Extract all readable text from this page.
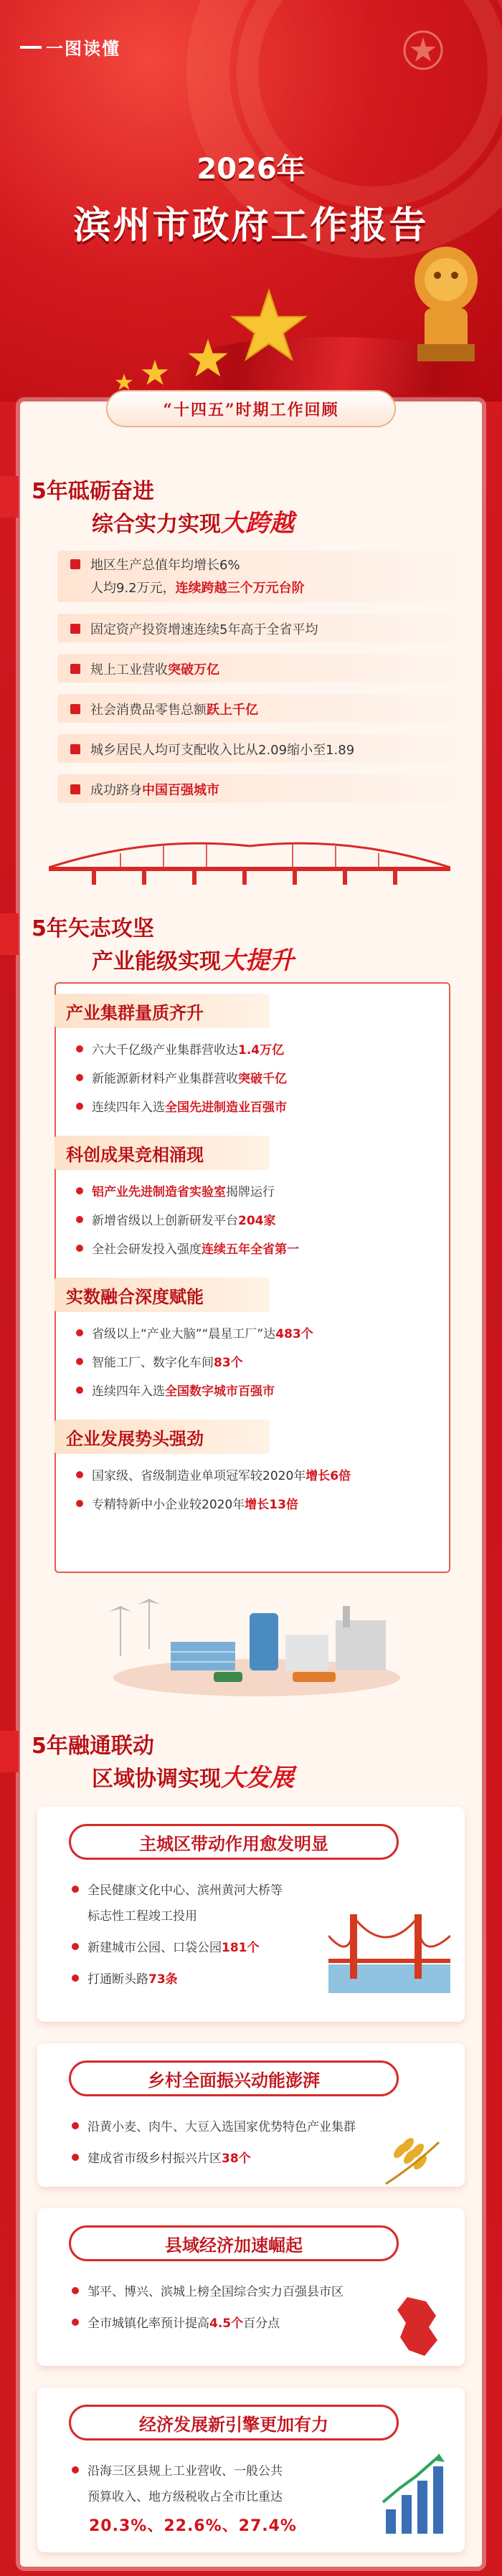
一图读懂
2026年
滨州市政府工作报告
“十四五”时期工作回顾
5年砥砺奋进
综合实力实现大跨越
地区生产总值年均增长6%
人均9.2万元，连续跨越三个万元台阶
固定资产投资增速连续5年高于全省平均
规上工业营收 突破万亿
社会消费品零售总额 跃上千亿
城乡居民人均可支配收入比从2.09缩小至1.89
成功跻身 中国百强城市
5年矢志攻坚
产业能级实现大提升
产业集群量质齐升
六大千亿级产业集群营收达 1.4万亿
新能源新材料产业集群营收 突破千亿
连续四年入选 全国先进制造业百强市
科创成果竞相涌现
铝产业先进制造省实验室 揭牌运行
新增省级以上创新研发平台 204家
全社会研发投入强度 连续五年全省第一
实数融合深度赋能
省级以上“产业大脑”“晨星工厂”达 483个
智能工厂、数字化车间 83个
连续四年入选 全国数字城市百强市
企业发展势头强劲
国家级、省级制造业单项冠军较2020年 增长6倍
专精特新中小企业较2020年 增长13倍
5年融通联动
区域协调实现大发展
主城区带动作用愈发明显
全民健康文化中心、滨州黄河大桥等
标志性工程竣工投用
新建城市公园、口袋公园 181个
打通断头路 73条
乡村全面振兴动能澎湃
沿黄小麦、肉牛、大豆入选国家优势特色产业集群
建成省市级乡村振兴片区 38个
县域经济加速崛起
邹平、博兴、滨城上榜全国综合实力百强县市区
全市城镇化率预计提高 4.5个 百分点
经济发展新引擎更加有力
沿海三区县规上工业营收、一般公共
预算收入、地方级税收占全市比重达
20.3%、22.6%、27.4%
